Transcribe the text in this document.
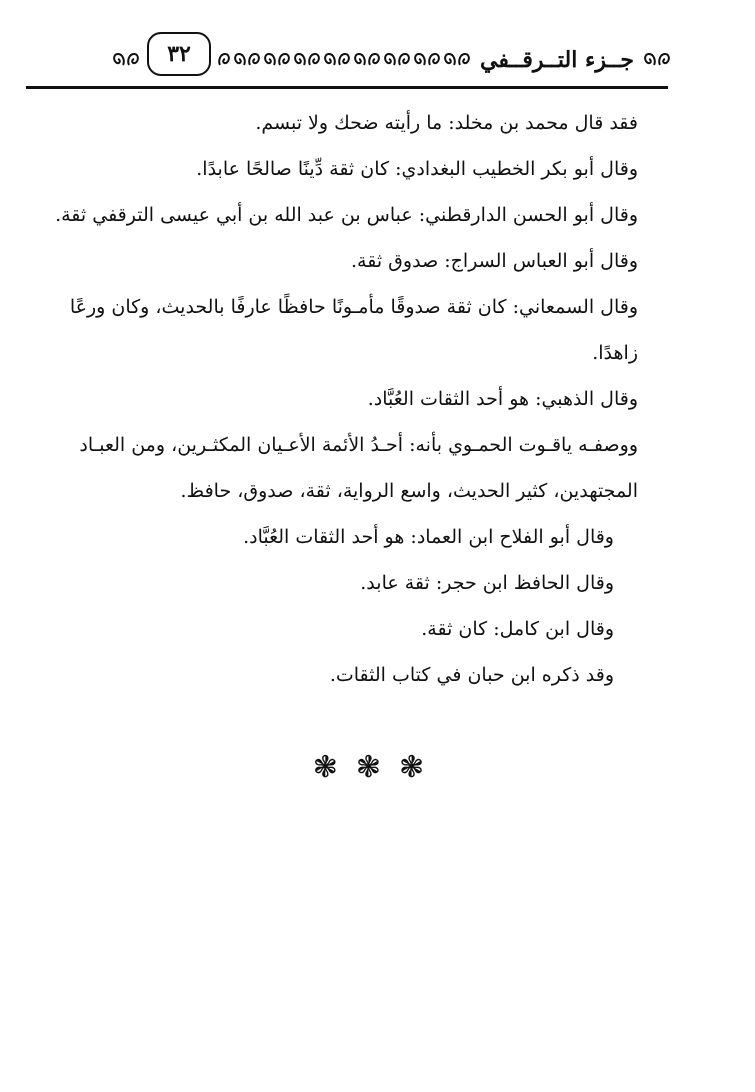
جــزء التــرقــفي
٣٢

فقد قال محمد بن مخلد: ما رأيته ضحك ولا تبسم.

وقال أبو بكر الخطيب البغدادي: كان ثقة دِّينًا صالحًا عابدًا.

وقال أبو الحسن الدارقطني: عباس بن عبد الله بن أبي عيسى الترقفي ثقة.

وقال أبو العباس السراج: صدوق ثقة.

وقال السمعاني: كان ثقة صدوقًا مأمـونًا حافظًا عارفًا بالحديث، وكان ورعًا زاهدًا.

وقال الذهبي: هو أحد الثقات العُبَّاد.

ووصفـه ياقـوت الحمـوي بأنه: أحـدُ الأئمة الأعـيان المكثـرين، ومن العبـاد المجتهدين، كثير الحديث، واسع الرواية، ثقة، صدوق، حافظ.

وقال أبو الفلاح ابن العماد: هو أحد الثقات العُبَّاد.

وقال الحافظ ابن حجر: ثقة عابد.

وقال ابن كامل: كان ثقة.

وقد ذكره ابن حبان في كتاب الثقات.

❃❃❃
